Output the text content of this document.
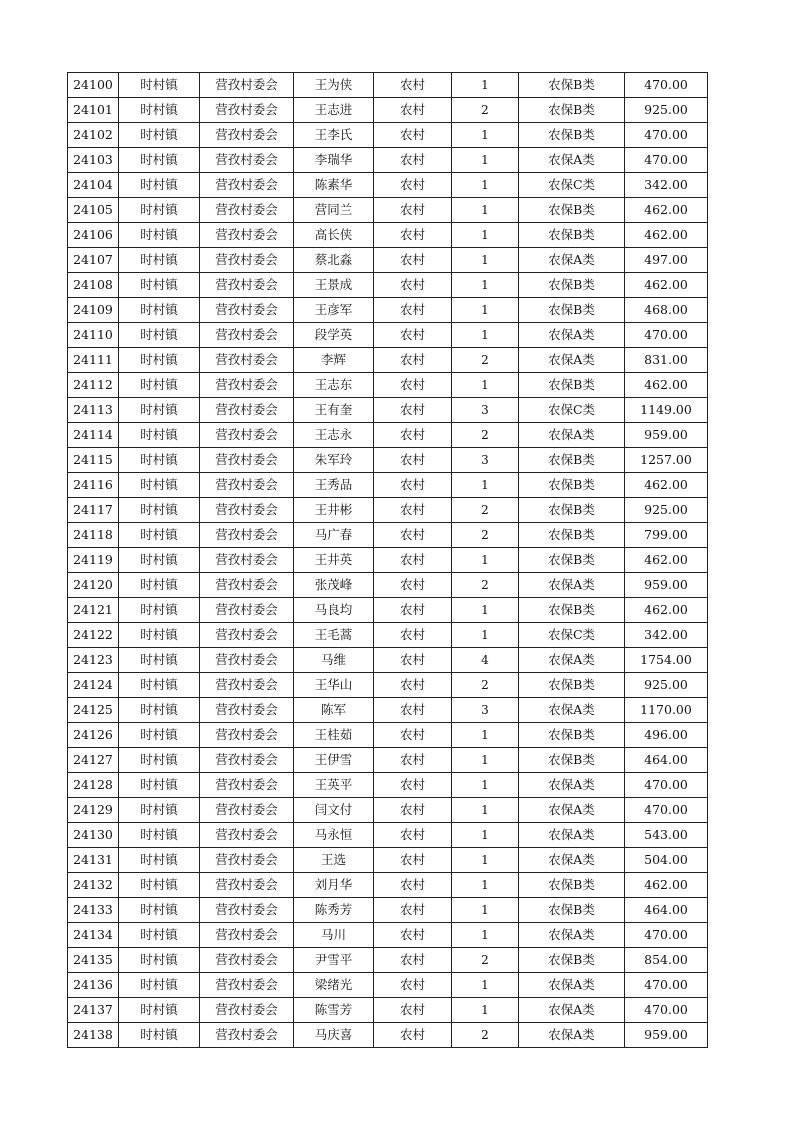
24100	时村镇	营孜村委会	王为侠	农村	1	农保B类	470.00
24101	时村镇	营孜村委会	王志进	农村	2	农保B类	925.00
24102	时村镇	营孜村委会	王李氏	农村	1	农保B类	470.00
24103	时村镇	营孜村委会	李瑞华	农村	1	农保A类	470.00
24104	时村镇	营孜村委会	陈素华	农村	1	农保C类	342.00
24105	时村镇	营孜村委会	营同兰	农村	1	农保B类	462.00
24106	时村镇	营孜村委会	高长侠	农村	1	农保B类	462.00
24107	时村镇	营孜村委会	蔡北淼	农村	1	农保A类	497.00
24108	时村镇	营孜村委会	王景成	农村	1	农保B类	462.00
24109	时村镇	营孜村委会	王彦军	农村	1	农保B类	468.00
24110	时村镇	营孜村委会	段学英	农村	1	农保A类	470.00
24111	时村镇	营孜村委会	李辉	农村	2	农保A类	831.00
24112	时村镇	营孜村委会	王志东	农村	1	农保B类	462.00
24113	时村镇	营孜村委会	王有奎	农村	3	农保C类	1149.00
24114	时村镇	营孜村委会	王志永	农村	2	农保A类	959.00
24115	时村镇	营孜村委会	朱军玲	农村	3	农保B类	1257.00
24116	时村镇	营孜村委会	王秀品	农村	1	农保B类	462.00
24117	时村镇	营孜村委会	王井彬	农村	2	农保B类	925.00
24118	时村镇	营孜村委会	马广春	农村	2	农保B类	799.00
24119	时村镇	营孜村委会	王井英	农村	1	农保B类	462.00
24120	时村镇	营孜村委会	张茂峰	农村	2	农保A类	959.00
24121	时村镇	营孜村委会	马良均	农村	1	农保B类	462.00
24122	时村镇	营孜村委会	王毛蒿	农村	1	农保C类	342.00
24123	时村镇	营孜村委会	马维	农村	4	农保A类	1754.00
24124	时村镇	营孜村委会	王华山	农村	2	农保B类	925.00
24125	时村镇	营孜村委会	陈军	农村	3	农保A类	1170.00
24126	时村镇	营孜村委会	王桂茹	农村	1	农保B类	496.00
24127	时村镇	营孜村委会	王伊雪	农村	1	农保B类	464.00
24128	时村镇	营孜村委会	王英平	农村	1	农保A类	470.00
24129	时村镇	营孜村委会	闫文付	农村	1	农保A类	470.00
24130	时村镇	营孜村委会	马永恒	农村	1	农保A类	543.00
24131	时村镇	营孜村委会	王选	农村	1	农保A类	504.00
24132	时村镇	营孜村委会	刘月华	农村	1	农保B类	462.00
24133	时村镇	营孜村委会	陈秀芳	农村	1	农保B类	464.00
24134	时村镇	营孜村委会	马川	农村	1	农保A类	470.00
24135	时村镇	营孜村委会	尹雪平	农村	2	农保B类	854.00
24136	时村镇	营孜村委会	梁绪光	农村	1	农保A类	470.00
24137	时村镇	营孜村委会	陈雪芳	农村	1	农保A类	470.00
24138	时村镇	营孜村委会	马庆喜	农村	2	农保A类	959.00
